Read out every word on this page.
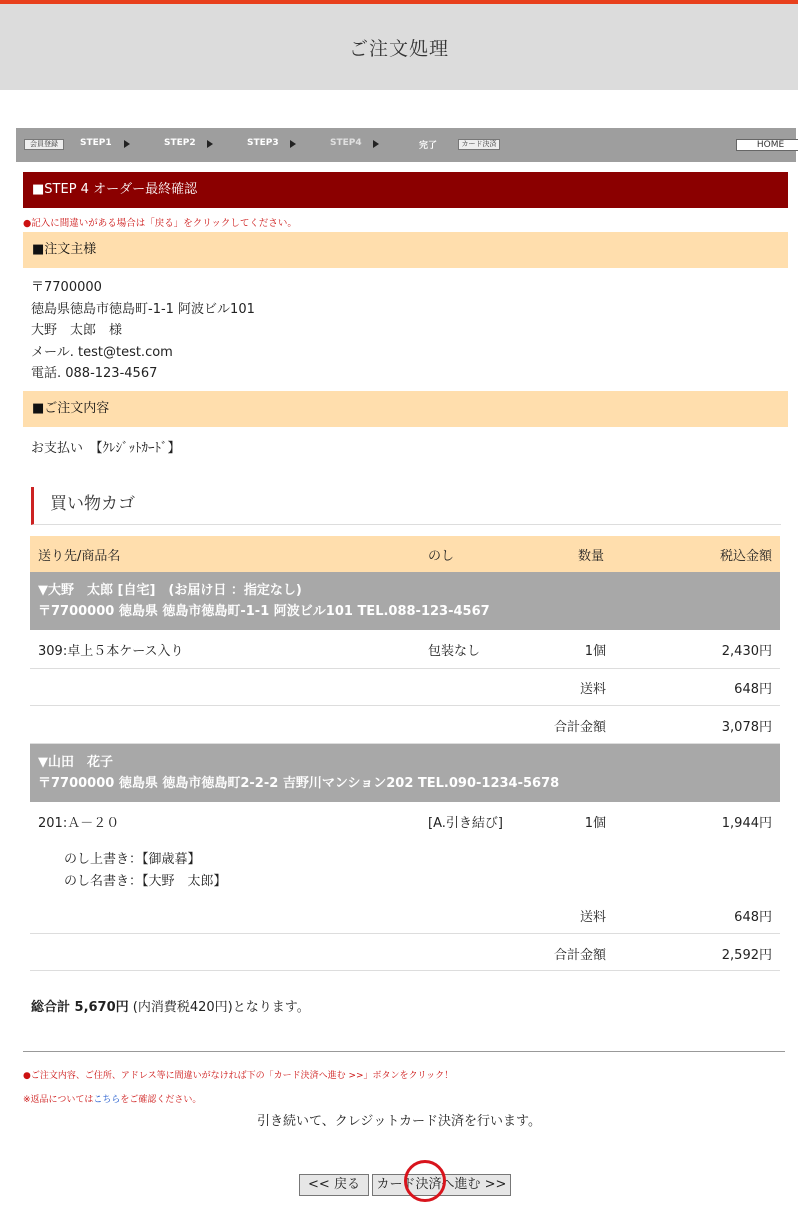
ご注文処理
会員登録	STEP1	STEP2	STEP3	STEP4	完了	カード決済	HOME
■STEP 4 オーダー最終確認
●記入に間違いがある場合は「戻る」をクリックしてください。
■注文主様
〒7700000
徳島県徳島市徳島町-1-1 阿波ビル101
大野　太郎　様
メール. test@test.com
電話. 088-123-4567
■ご注文内容
お支払い　【ｸﾚｼﾞｯﾄｶｰﾄﾞ】
買い物カゴ
送り先/商品名	のし	数量	税込金額
▼大野　太郎 [自宅]　(お届け日 ：指定なし)
〒7700000 徳島県 徳島市徳島町-1-1 阿波ビル101 TEL.088-123-4567
309:卓上５本ケース入り	包装なし	1個	2,430円
送料	648円
合計金額	3,078円
▼山田　花子
〒7700000 徳島県 徳島市徳島町2-2-2 吉野川マンション202 TEL.090-1234-5678
201:Ａ－２０	[A.引き結び]	1個	1,944円
のし上書き：【御歳暮】
のし名書き：【大野　太郎】
送料	648円
合計金額	2,592円
総合計 5,670円 (内消費税420円)となります。
●ご注文内容、ご住所、アドレス等に間違いがなければ下の「カード決済へ進む >>」ボタンをクリック！
※返品についてはこちらをご確認ください。
引き続いて、クレジットカード決済を行います。
<< 戻る	カード決済へ進む >>
